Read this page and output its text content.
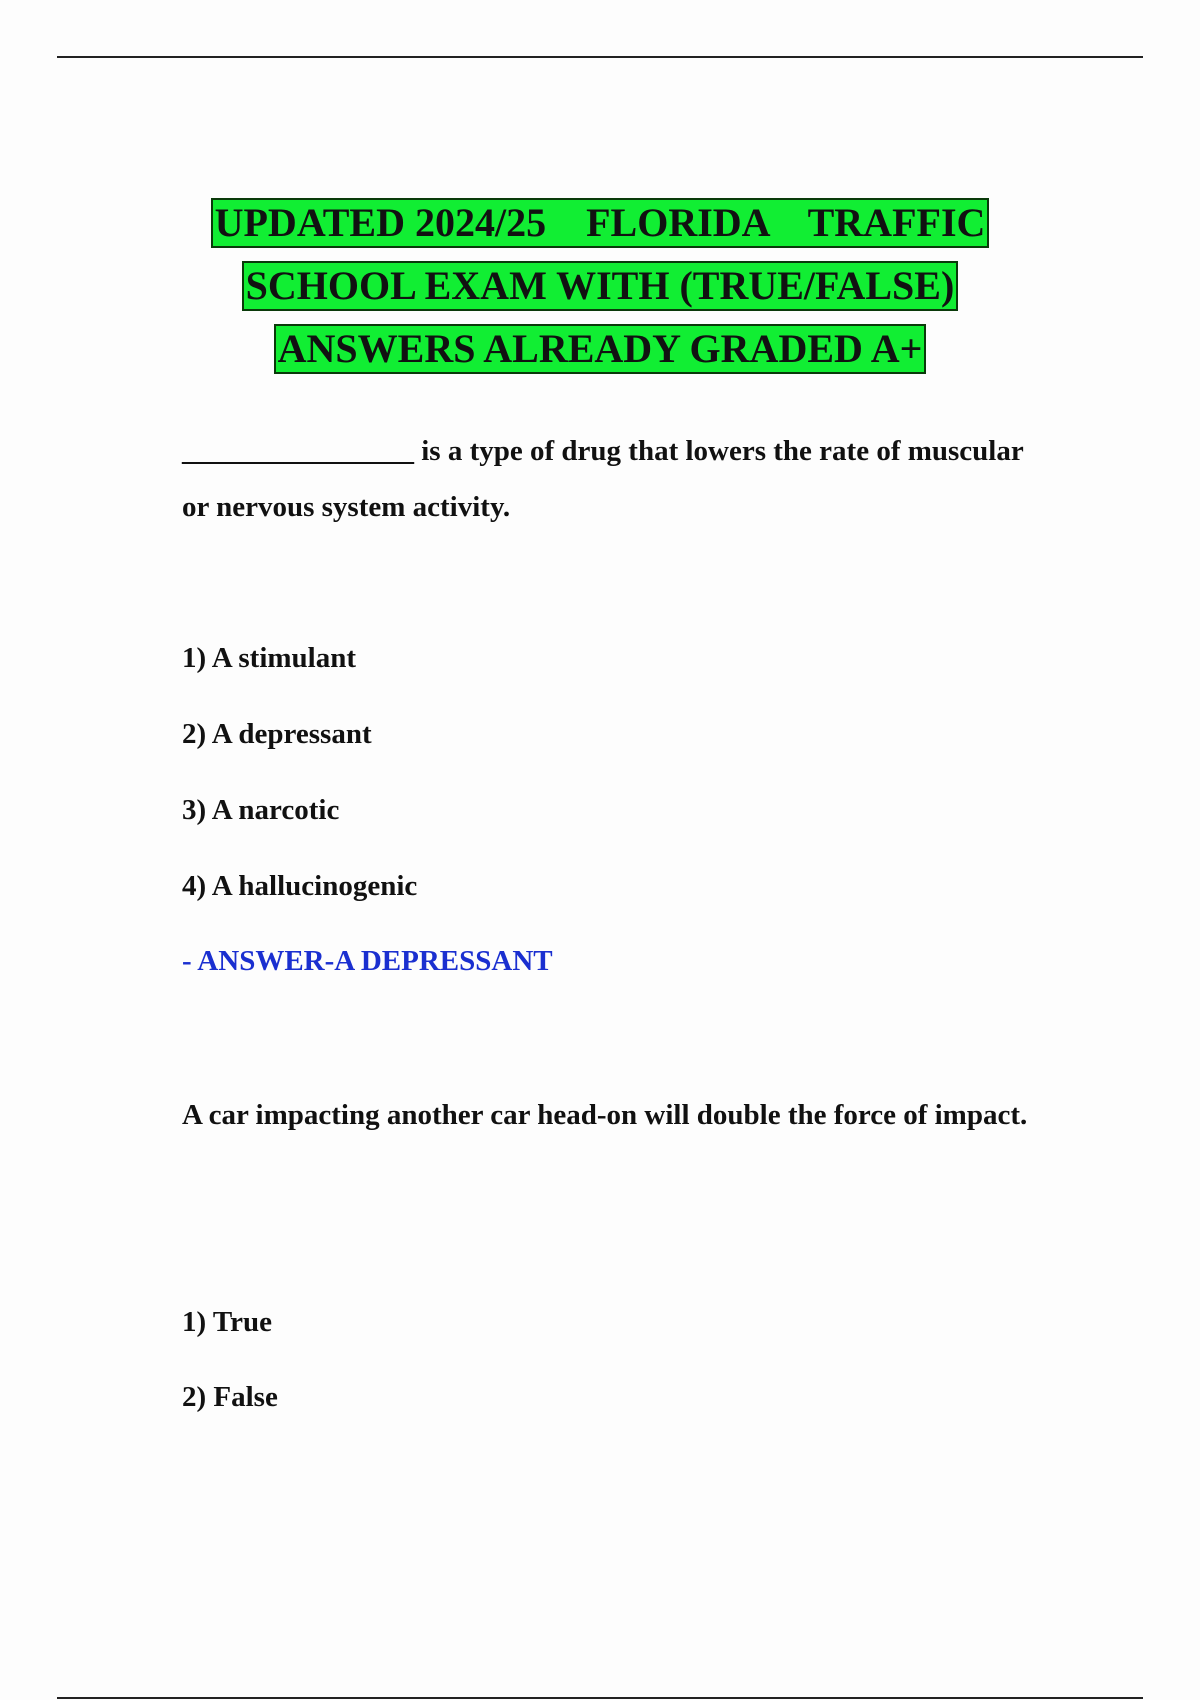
UPDATED 2024/25    FLORIDA    TRAFFIC
SCHOOL EXAM WITH (TRUE/FALSE)
ANSWERS ALREADY GRADED A+
________________ is a type of drug that lowers the rate of muscular or nervous system activity.
1) A stimulant
2) A depressant
3) A narcotic
4) A hallucinogenic
- ANSWER-A DEPRESSANT
A car impacting another car head-on will double the force of impact.
1) True
2) False
